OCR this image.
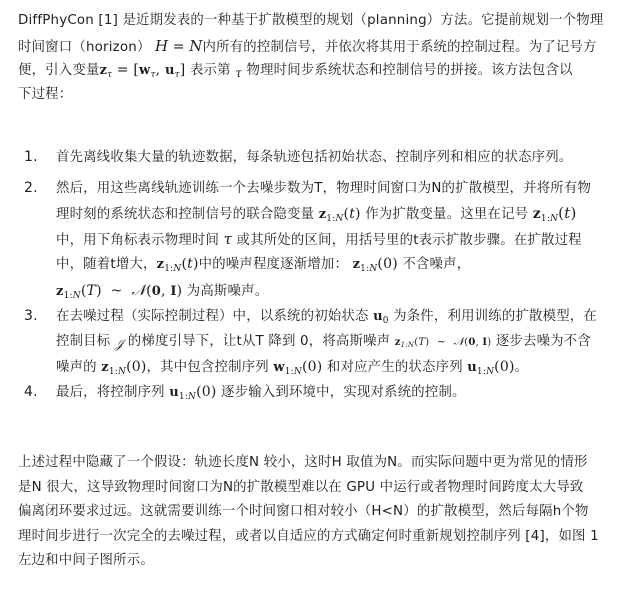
DiffPhyCon [1] 是近期发表的一种基于扩散模型的规划（planning）方法。它提前规划一个物理
时间窗口（horizon） H = N内所有的控制信号，并依次将其用于系统的控制过程。为了记号方
便，引入变量$z_\tau = [w_\tau$, $u_\tau$] 表示第 τ 物理时间步系统状态和控制信号的拼接。该方法包含以
下过程：
1. 首先离线收集大量的轨迹数据，每条轨迹包括初始状态、控制序列和相应的状态序列。
2. 然后，用这些离线轨迹训练一个去噪步数为T，物理时间窗口为N的扩散模型，并将所有物
理时刻的系统状态和控制信号的联合隐变量 $z_{1:N}(t)$ 作为扩散变量。这里在记号 $z_{1:N}(t)$
中，用下角标表示物理时间 τ 或其所处的区间，用括号里的t表示扩散步骤。在扩散过程
中，随着t增大，$z_{1:N}(t)$中的噪声程度逐渐增加： $z_{1:N}(0)$ 不含噪声，
$z_{1:N}(T)$ ~ 𝒩(0, I) 为高斯噪声。
3. 在去噪过程（实际控制过程）中，以系统的初始状态 $u_0$ 为条件，利用训练的扩散模型，在
控制目标 𝒥 的梯度引导下，让t从T 降到 0，将高斯噪声 z1:N(T) ~ 𝒩(0, I) 逐步去噪为不含
噪声的 $z_{1:N}(0)$，其中包含控制序列 $w_{1:N}(0)$ 和对应产生的状态序列 $u_{1:N}(0)$。
4. 最后，将控制序列 $u_{1:N}(0)$ 逐步输入到环境中，实现对系统的控制。
上述过程中隐藏了一个假设：轨迹长度N 较小，这时H 取值为N。而实际问题中更为常见的情形
是N 很大，这导致物理时间窗口为N的扩散模型难以在 GPU 中运行或者物理时间跨度太大导致
偏离闭环要求过远。这就需要训练一个时间窗口相对较小（H<N）的扩散模型，然后每隔h个物
理时间步进行一次完全的去噪过程，或者以自适应的方式确定何时重新规划控制序列 [4]，如图 1
左边和中间子图所示。
